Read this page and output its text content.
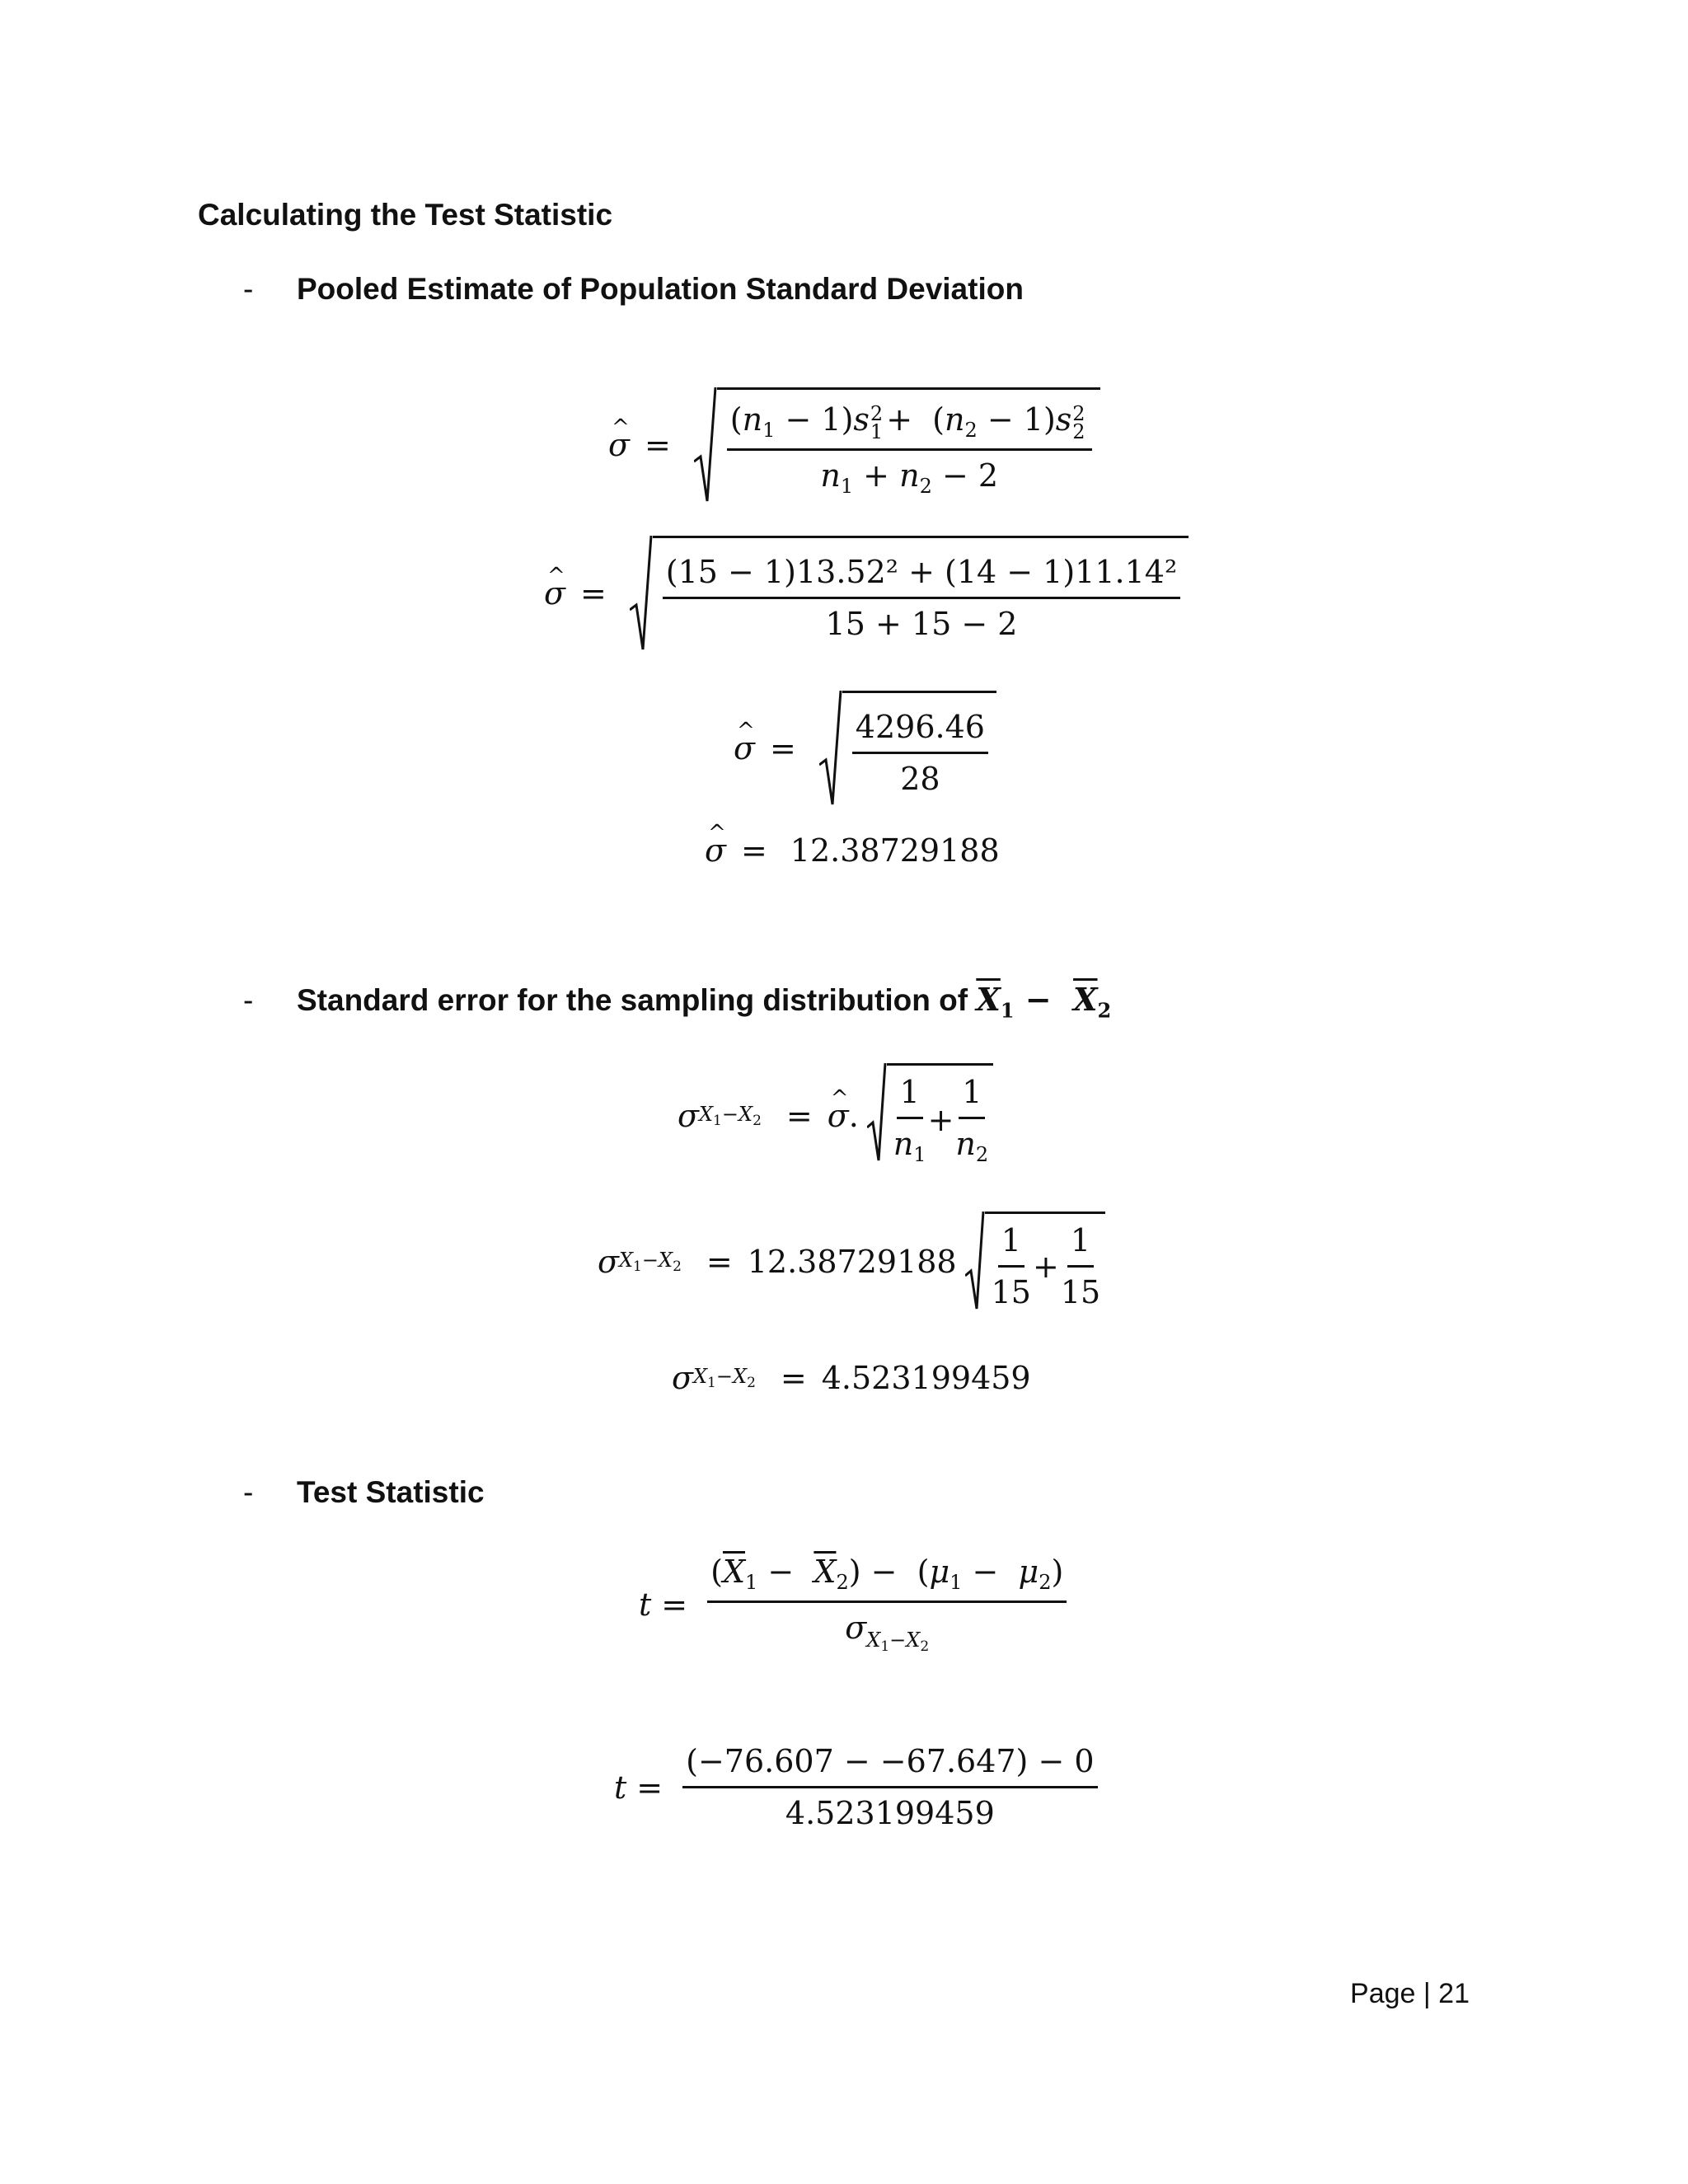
Calculating the Test Statistic
- Pooled Estimate of Population Standard Deviation
^ $\sigma = (n_1 - 1)s$ 2
$1 + (n_2 - 1)s$ 2
2
$n_1 + n_2 - 2$
^ $\sigma = \frac{\text{(15 − 1)13.52² + (14 − 1)11.14²}}{15 + 15 - 2}$
^ $\sigma = \frac{4296.46}{28}$
^ σ = 12.38729188
- Standard error for the sampling distribution of $\overline{X}_1 - \overline{X}_2$
σ $X_1-X_2$ = ^ σ . $\frac{1}{n_1} + \frac{1}{n_2}$
σ $X_1-X_2 = 12.38729188 \frac{1}{15} + \frac{1}{15}$
σ $X_1-X_2 = 4.523199459$
- Test Statistic
$t = \frac{(\overline{X}_1 - \overline{X}_2) - (\mu_1 - \mu_2)}{\sigma_{X_1-X_2}}$
$t = \frac{(-76.607 - -67.647) - 0}{4.523199459}$
Page | 21
